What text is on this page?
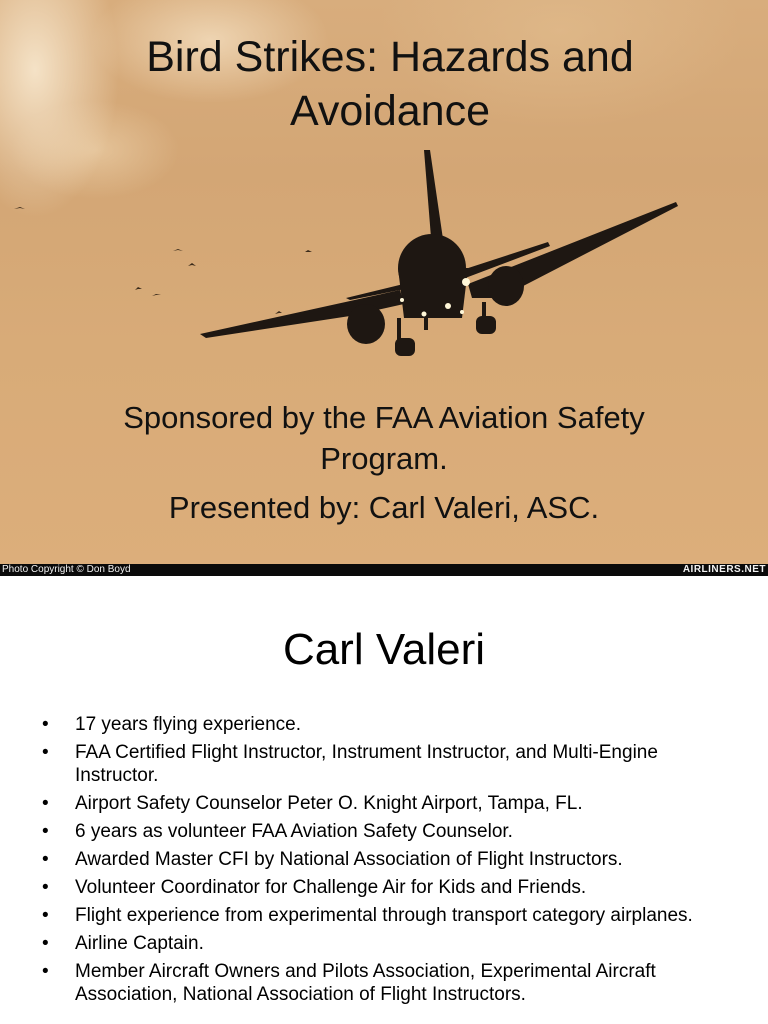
Bird Strikes: Hazards and Avoidance
Sponsored by the FAA Aviation Safety Program.
Presented by: Carl Valeri, ASC.
Photo Copyright © Don Boyd	AIRLINERS.NET
Carl Valeri
• 17 years flying experience.
• FAA Certified Flight Instructor, Instrument Instructor, and Multi-Engine Instructor.
• Airport Safety Counselor Peter O. Knight Airport, Tampa, FL.
• 6 years as volunteer FAA Aviation Safety Counselor.
• Awarded Master CFI by National Association of Flight Instructors.
• Volunteer Coordinator for Challenge Air for Kids and Friends.
• Flight experience from experimental through transport category airplanes.
• Airline Captain.
• Member Aircraft Owners and Pilots Association, Experimental Aircraft Association, National Association of Flight Instructors.
